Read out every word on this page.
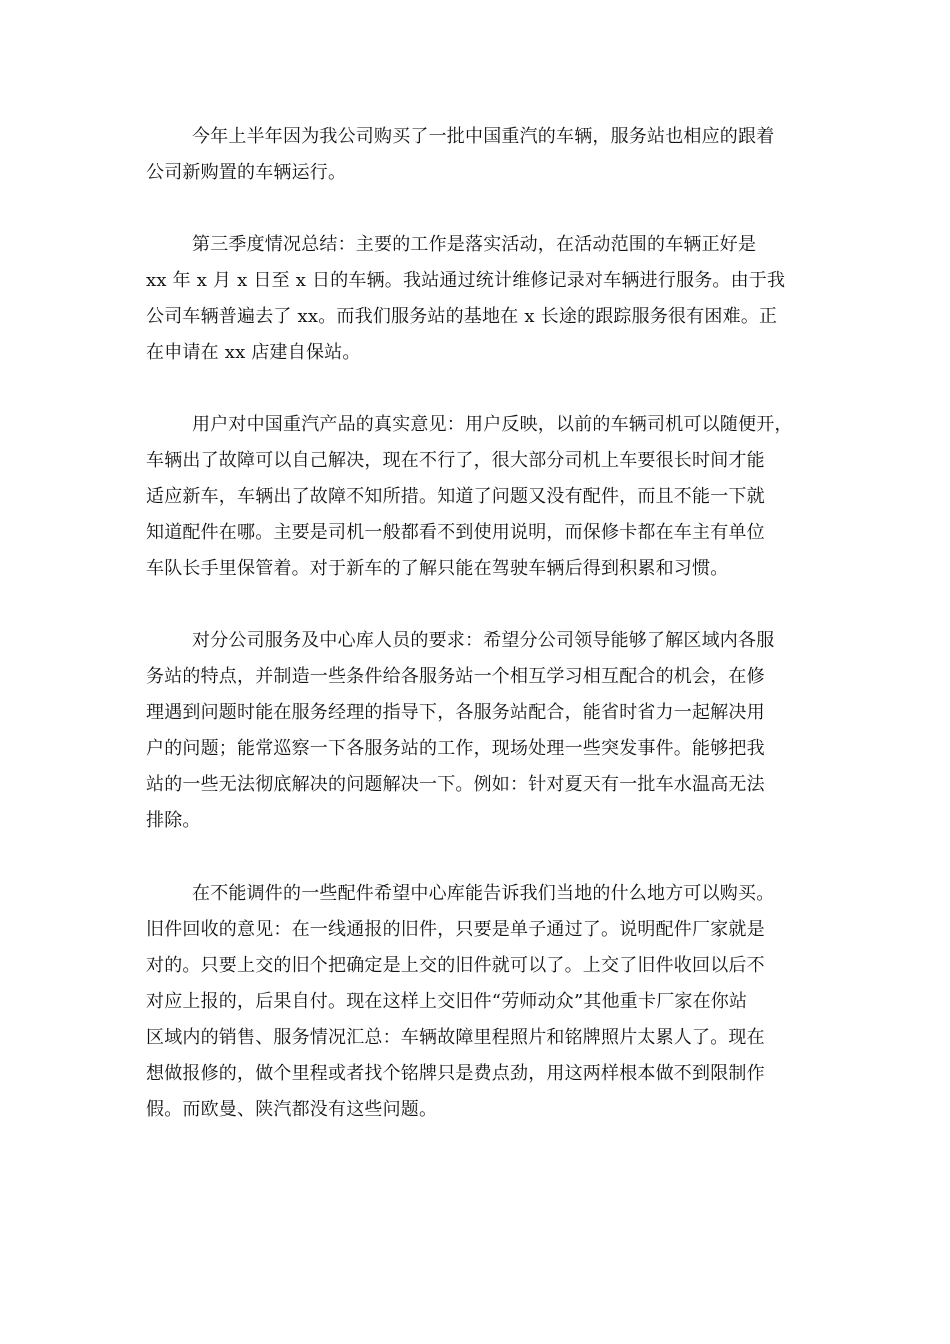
今年上半年因为我公司购买了一批中国重汽的车辆，服务站也相应的跟着
公司新购置的车辆运行。
第三季度情况总结：主要的工作是落实活动，在活动范围的车辆正好是
xx 年 x 月 x 日至 x 日的车辆。我站通过统计维修记录对车辆进行服务。由于我
公司车辆普遍去了 xx。而我们服务站的基地在 x 长途的跟踪服务很有困难。正
在申请在 xx 店建自保站。
用户对中国重汽产品的真实意见：用户反映，以前的车辆司机可以随便开，
车辆出了故障可以自己解决，现在不行了，很大部分司机上车要很长时间才能
适应新车，车辆出了故障不知所措。知道了问题又没有配件，而且不能一下就
知道配件在哪。主要是司机一般都看不到使用说明，而保修卡都在车主有单位
车队长手里保管着。对于新车的了解只能在驾驶车辆后得到积累和习惯。
对分公司服务及中心库人员的要求：希望分公司领导能够了解区域内各服
务站的特点，并制造一些条件给各服务站一个相互学习相互配合的机会，在修
理遇到问题时能在服务经理的指导下，各服务站配合，能省时省力一起解决用
户的问题；能常巡察一下各服务站的工作，现场处理一些突发事件。能够把我
站的一些无法彻底解决的问题解决一下。例如：针对夏天有一批车水温高无法
排除。
在不能调件的一些配件希望中心库能告诉我们当地的什么地方可以购买。
旧件回收的意见：在一线通报的旧件，只要是单子通过了。说明配件厂家就是
对的。只要上交的旧个把确定是上交的旧件就可以了。上交了旧件收回以后不
对应上报的，后果自付。现在这样上交旧件“劳师动众”其他重卡厂家在你站
区域内的销售、服务情况汇总：车辆故障里程照片和铭牌照片太累人了。现在
想做报修的，做个里程或者找个铭牌只是费点劲，用这两样根本做不到限制作
假。而欧曼、陕汽都没有这些问题。
